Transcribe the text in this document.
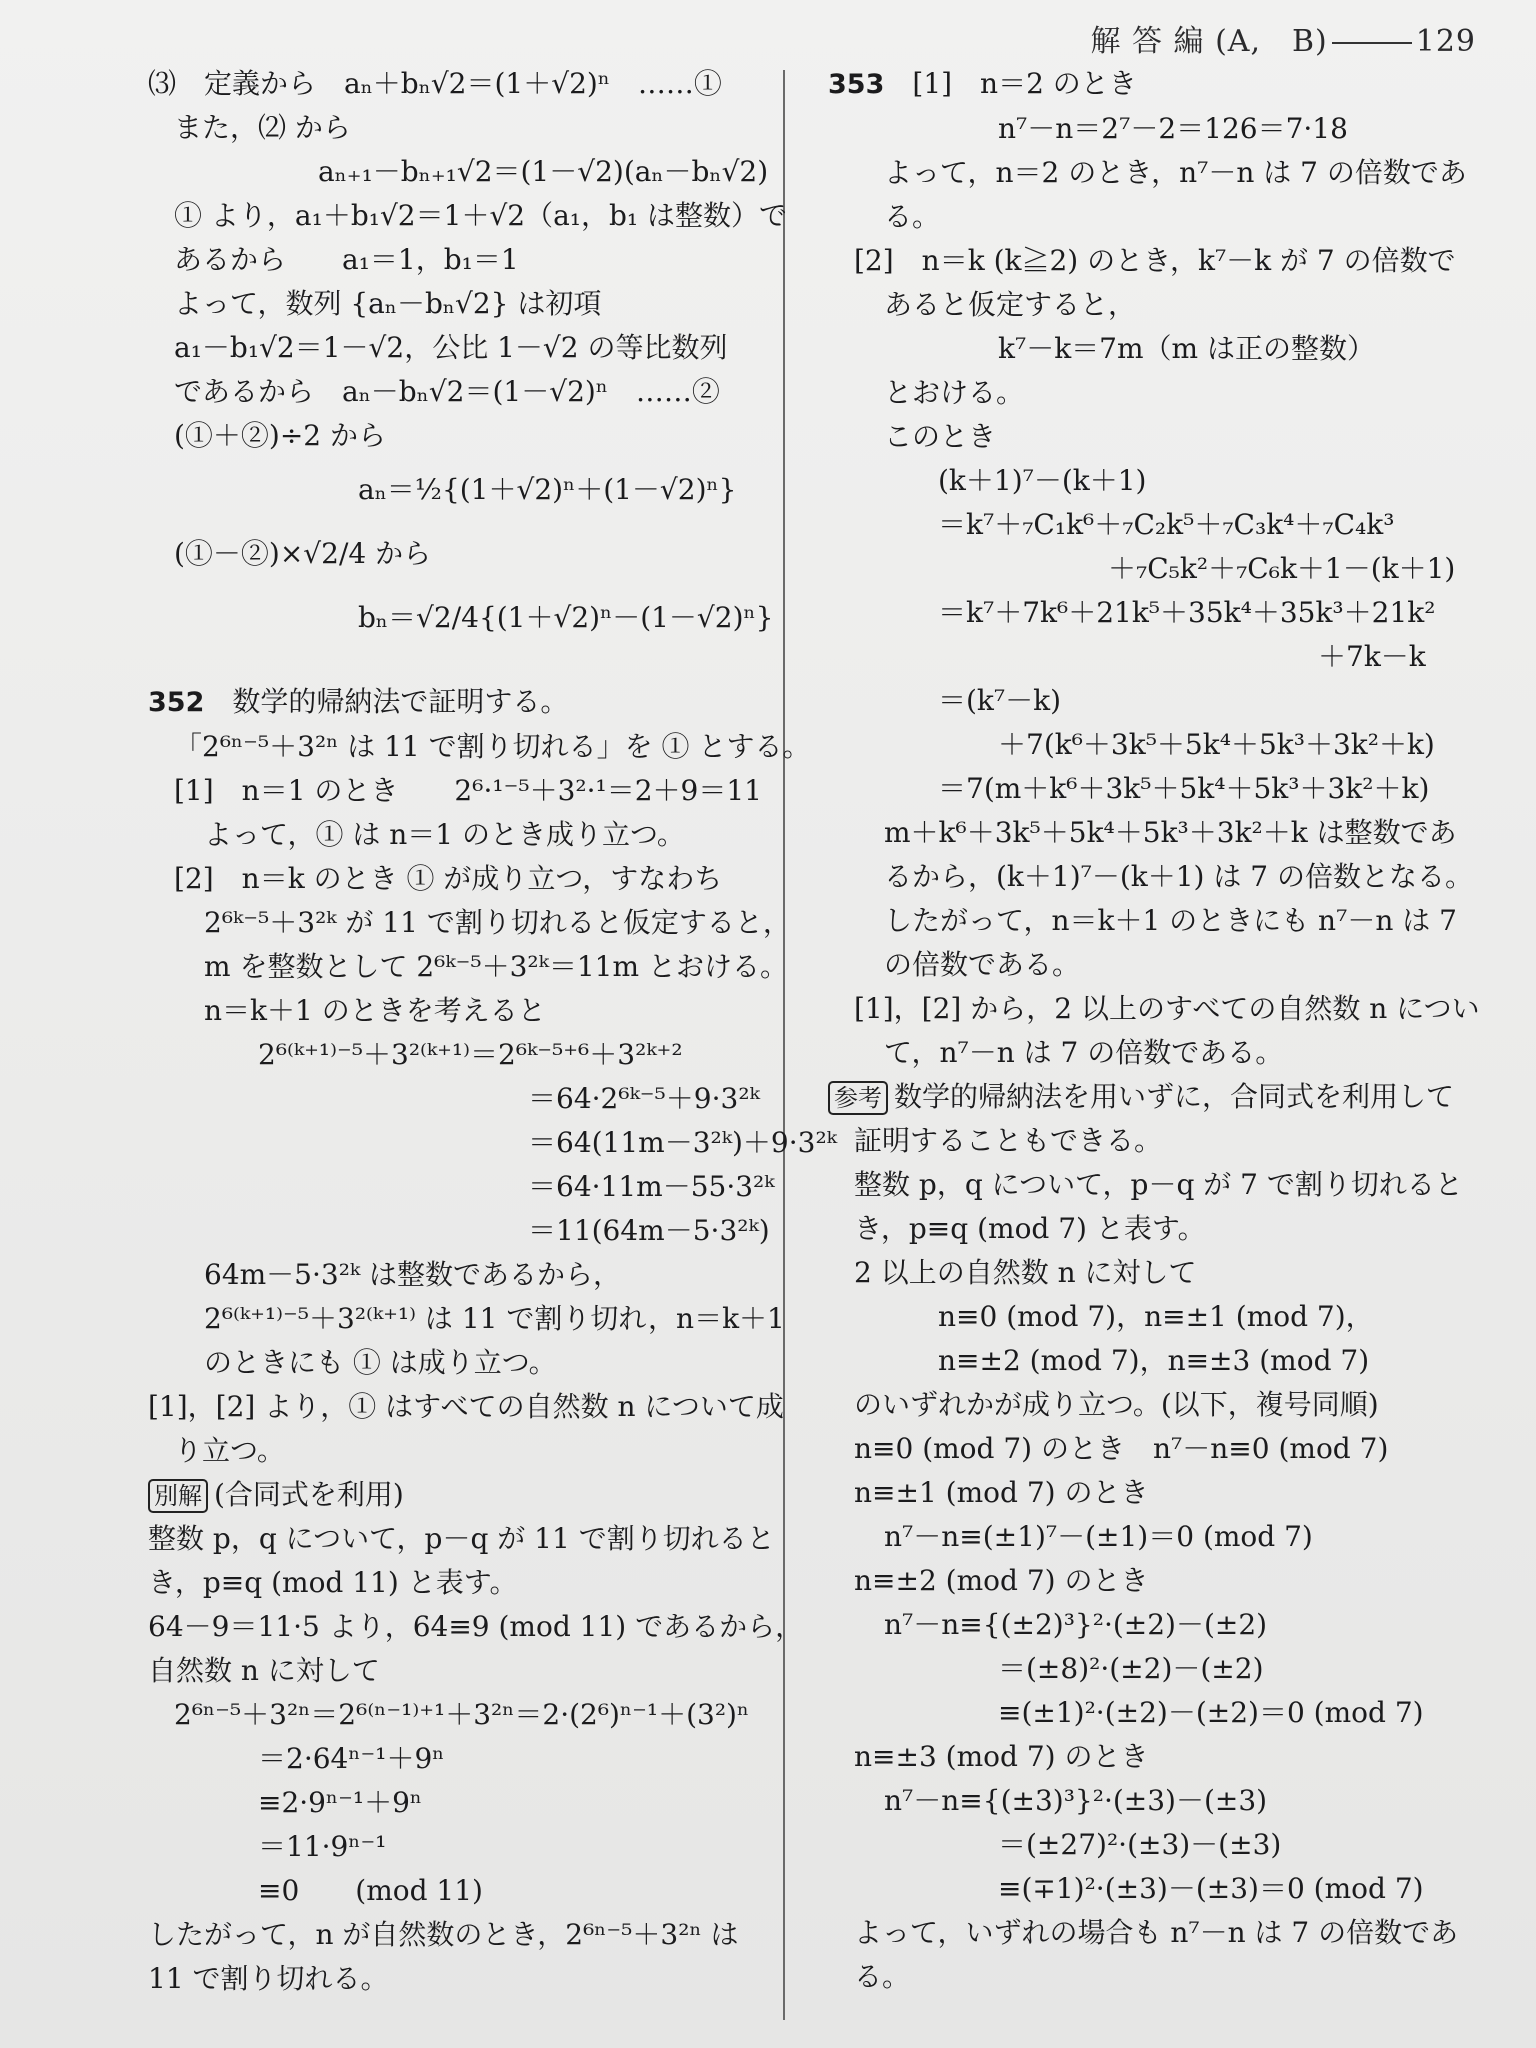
解 答 編 (A,　B)	129
⑶　定義から　aₙ＋bₙ√2＝(1＋√2)ⁿ　……①
また，⑵ から
aₙ₊₁－bₙ₊₁√2＝(1－√2)(aₙ－bₙ√2)
① より，a₁＋b₁√2＝1＋√2（a₁，b₁ は整数）で
あるから　　a₁＝1，b₁＝1
よって，数列 {aₙ－bₙ√2} は初項
a₁－b₁√2＝1－√2，公比 1－√2 の等比数列
であるから　aₙ－bₙ√2＝(1－√2)ⁿ　……②
(①＋②)÷2 から
aₙ＝½{(1＋√2)ⁿ＋(1－√2)ⁿ}
(①－②)×√2/4 から
bₙ＝√2/4{(1＋√2)ⁿ－(1－√2)ⁿ}
352　 数学的帰納法で証明する。
「2⁶ⁿ⁻⁵＋3²ⁿ は 11 で割り切れる」を ① とする。
[1]　n＝1 のとき　　2⁶·¹⁻⁵＋3²·¹＝2＋9＝11
よって，① は n＝1 のとき成り立つ。
[2]　n＝k のとき ① が成り立つ，すなわち
2⁶ᵏ⁻⁵＋3²ᵏ が 11 で割り切れると仮定すると，
m を整数として 2⁶ᵏ⁻⁵＋3²ᵏ＝11m とおける。
n＝k＋1 のときを考えると
2⁶⁽ᵏ⁺¹⁾⁻⁵＋3²⁽ᵏ⁺¹⁾＝2⁶ᵏ⁻⁵⁺⁶＋3²ᵏ⁺²
＝64·2⁶ᵏ⁻⁵＋9·3²ᵏ
＝64(11m－3²ᵏ)＋9·3²ᵏ
＝64·11m－55·3²ᵏ
＝11(64m－5·3²ᵏ)
64m－5·3²ᵏ は整数であるから，
2⁶⁽ᵏ⁺¹⁾⁻⁵＋3²⁽ᵏ⁺¹⁾ は 11 で割り切れ，n＝k＋1
のときにも ① は成り立つ。
[1]，[2] より，① はすべての自然数 n について成
り立つ。
別解 (合同式を利用)
整数 p，q について，p－q が 11 で割り切れると
き，p≡q (mod 11) と表す。
64－9＝11·5 より，64≡9 (mod 11) であるから，
自然数 n に対して
2⁶ⁿ⁻⁵＋3²ⁿ＝2⁶⁽ⁿ⁻¹⁾⁺¹＋3²ⁿ＝2·(2⁶)ⁿ⁻¹＋(3²)ⁿ
＝2·64ⁿ⁻¹＋9ⁿ
≡2·9ⁿ⁻¹＋9ⁿ
＝11·9ⁿ⁻¹
≡0　　(mod 11)
したがって，n が自然数のとき，2⁶ⁿ⁻⁵＋3²ⁿ は
11 で割り切れる。
353　 [1]　n＝2 のとき
n⁷－n＝2⁷－2＝126＝7·18
よって，n＝2 のとき，n⁷－n は 7 の倍数であ
る。
[2]　n＝k (k≧2) のとき，k⁷－k が 7 の倍数で
あると仮定すると，
k⁷－k＝7m（m は正の整数）
とおける。
このとき
(k＋1)⁷－(k＋1)
＝k⁷＋₇C₁k⁶＋₇C₂k⁵＋₇C₃k⁴＋₇C₄k³
＋₇C₅k²＋₇C₆k＋1－(k＋1)
＝k⁷＋7k⁶＋21k⁵＋35k⁴＋35k³＋21k²
＋7k－k
＝(k⁷－k)
＋7(k⁶＋3k⁵＋5k⁴＋5k³＋3k²＋k)
＝7(m＋k⁶＋3k⁵＋5k⁴＋5k³＋3k²＋k)
m＋k⁶＋3k⁵＋5k⁴＋5k³＋3k²＋k は整数であ
るから，(k＋1)⁷－(k＋1) は 7 の倍数となる。
したがって，n＝k＋1 のときにも n⁷－n は 7
の倍数である。
[1]，[2] から，2 以上のすべての自然数 n につい
て，n⁷－n は 7 の倍数である。
参考 数学的帰納法を用いずに，合同式を利用して
証明することもできる。
整数 p，q について，p－q が 7 で割り切れると
き，p≡q (mod 7) と表す。
2 以上の自然数 n に対して
n≡0 (mod 7)，n≡±1 (mod 7)，
n≡±2 (mod 7)，n≡±3 (mod 7)
のいずれかが成り立つ。(以下，複号同順)
n≡0 (mod 7) のとき　n⁷－n≡0 (mod 7)
n≡±1 (mod 7) のとき
n⁷－n≡(±1)⁷－(±1)＝0 (mod 7)
n≡±2 (mod 7) のとき
n⁷－n≡{(±2)³}²·(±2)－(±2)
＝(±8)²·(±2)－(±2)
≡(±1)²·(±2)－(±2)＝0 (mod 7)
n≡±3 (mod 7) のとき
n⁷－n≡{(±3)³}²·(±3)－(±3)
＝(±27)²·(±3)－(±3)
≡(∓1)²·(±3)－(±3)＝0 (mod 7)
よって，いずれの場合も n⁷－n は 7 の倍数であ
る。
